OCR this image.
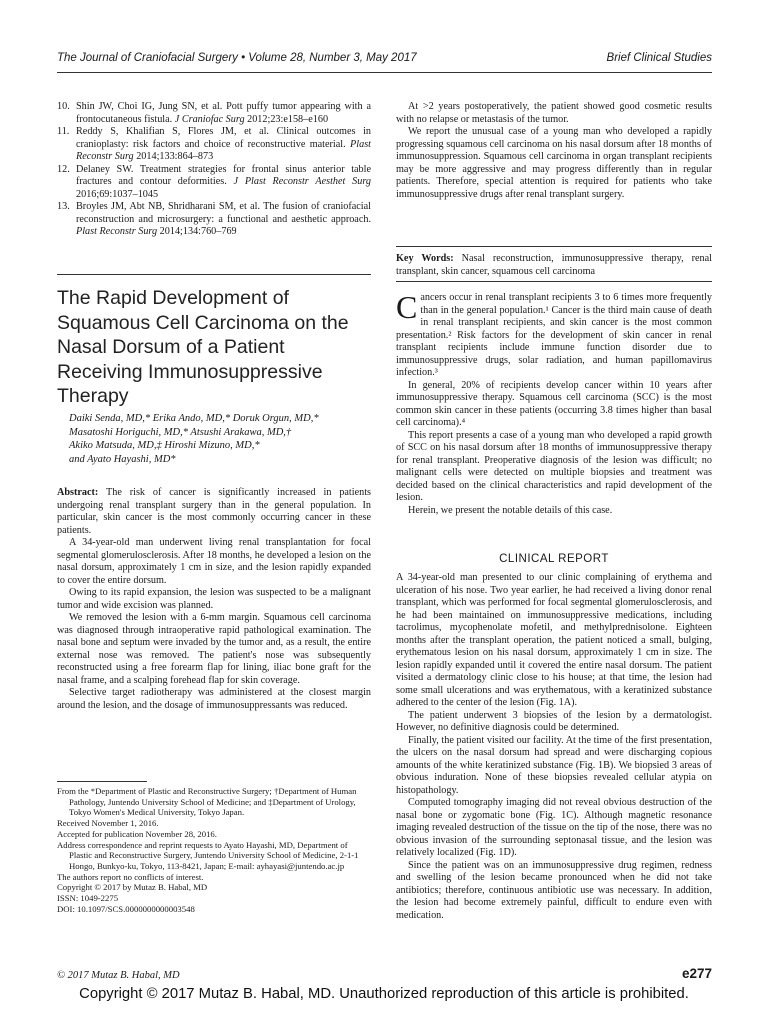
The Journal of Craniofacial Surgery • Volume 28, Number 3, May 2017	Brief Clinical Studies
10. Shin JW, Choi IG, Jung SN, et al. Pott puffy tumor appearing with a frontocutaneous fistula. J Craniofac Surg 2012;23:e158–e160
11. Reddy S, Khalifian S, Flores JM, et al. Clinical outcomes in cranioplasty: risk factors and choice of reconstructive material. Plast Reconstr Surg 2014;133:864–873
12. Delaney SW. Treatment strategies for frontal sinus anterior table fractures and contour deformities. J Plast Reconstr Aesthet Surg 2016;69:1037–1045
13. Broyles JM, Abt NB, Shridharani SM, et al. The fusion of craniofacial reconstruction and microsurgery: a functional and aesthetic approach. Plast Reconstr Surg 2014;134:760–769
The Rapid Development of Squamous Cell Carcinoma on the Nasal Dorsum of a Patient Receiving Immunosuppressive Therapy
Daiki Senda, MD,* Erika Ando, MD,* Doruk Orgun, MD,*
Masatoshi Horiguchi, MD,* Atsushi Arakawa, MD,†
Akiko Matsuda, MD,‡ Hiroshi Mizuno, MD,*
and Ayato Hayashi, MD*

Abstract: The risk of cancer is significantly increased in patients undergoing renal transplant surgery than in the general population. In particular, skin cancer is the most commonly occurring cancer in these patients.

A 34-year-old man underwent living renal transplantation for focal segmental glomerulosclerosis. After 18 months, he developed a lesion on the nasal dorsum, approximately 1 cm in size, and the lesion rapidly expanded to cover the entire dorsum.

Owing to its rapid expansion, the lesion was suspected to be a malignant tumor and wide excision was planned.

We removed the lesion with a 6-mm margin. Squamous cell carcinoma was diagnosed through intraoperative rapid pathological examination. The nasal bone and septum were invaded by the tumor and, as a result, the entire external nose was removed. The patient's nose was subsequently reconstructed using a free forearm flap for lining, iliac bone graft for the nasal frame, and a scalping forehead flap for skin coverage.

Selective target radiotherapy was administered at the closest margin around the lesion, and the dosage of immunosuppressants was reduced.

From the *Department of Plastic and Reconstructive Surgery; †Department of Human Pathology, Juntendo University School of Medicine; and ‡Department of Urology, Tokyo Women's Medical University, Tokyo Japan.
Received November 1, 2016.
Accepted for publication November 28, 2016.
Address correspondence and reprint requests to Ayato Hayashi, MD, Department of Plastic and Reconstructive Surgery, Juntendo University School of Medicine, 2-1-1 Hongo, Bunkyo-ku, Tokyo, 113-8421, Japan; E-mail: ayhayasi@juntendo.ac.jp
The authors report no conflicts of interest.
Copyright © 2017 by Mutaz B. Habal, MD
ISSN: 1049-2275
DOI: 10.1097/SCS.0000000000003548

At >2 years postoperatively, the patient showed good cosmetic results with no relapse or metastasis of the tumor.

We report the unusual case of a young man who developed a rapidly progressing squamous cell carcinoma on his nasal dorsum after 18 months of immunosuppression. Squamous cell carcinoma in organ transplant recipients may be more aggressive and may progress differently than in regular patients. Therefore, special attention is required for patients who take immunosuppressive drugs after renal transplant surgery.

Key Words: Nasal reconstruction, immunosuppressive therapy, renal transplant, skin cancer, squamous cell carcinoma

Cancers occur in renal transplant recipients 3 to 6 times more frequently than in the general population.¹ Cancer is the third main cause of death in renal transplant recipients, and skin cancer is the most common presentation.² Risk factors for the development of skin cancer in renal transplant recipients include immune function disorder due to immunosuppressive drugs, solar radiation, and human papillomavirus infection.³

In general, 20% of recipients develop cancer within 10 years after immunosuppressive therapy. Squamous cell carcinoma (SCC) is the most common skin cancer in these patients (occurring 3.8 times higher than basal cell carcinoma).⁴

This report presents a case of a young man who developed a rapid growth of SCC on his nasal dorsum after 18 months of immunosuppressive therapy for renal transplant. Preoperative diagnosis of the lesion was difficult; no malignant cells were detected on multiple biopsies and treatment was decided based on the clinical characteristics and rapid development of the lesion.

Herein, we present the notable details of this case.

CLINICAL REPORT

A 34-year-old man presented to our clinic complaining of erythema and ulceration of his nose. Two year earlier, he had received a living donor renal transplant, which was performed for focal segmental glomerulosclerosis, and he had been maintained on immunosuppressive medications, including tacrolimus, mycophenolate mofetil, and methylprednisolone. Eighteen months after the transplant operation, the patient noticed a small, bulging, erythematous lesion on his nasal dorsum, approximately 1 cm in size. The lesion rapidly expanded until it covered the entire nasal dorsum. The patient visited a dermatology clinic close to his house; at that time, the lesion had some small ulcerations and was erythematous, with a keratinized substance adhered to the center of the lesion (Fig. 1A).

The patient underwent 3 biopsies of the lesion by a dermatologist. However, no definitive diagnosis could be determined.

Finally, the patient visited our facility. At the time of the first presentation, the ulcers on the nasal dorsum had spread and were discharging copious amounts of the white keratinized substance (Fig. 1B). We biopsied 3 areas of obvious induration. None of these biopsies revealed cellular atypia on histopathology.

Computed tomography imaging did not reveal obvious destruction of the nasal bone or zygomatic bone (Fig. 1C). Although magnetic resonance imaging revealed destruction of the tissue on the tip of the nose, there was no obvious invasion of the surrounding septonasal tissue, and the lesion was relatively localized (Fig. 1D).

Since the patient was on an immunosuppressive drug regimen, redness and swelling of the lesion became pronounced when he did not take antibiotics; therefore, continuous antibiotic use was necessary. In addition, the lesion had become extremely painful, difficult to endure even with medication.

© 2017 Mutaz B. Habal, MD	e277
Copyright © 2017 Mutaz B. Habal, MD. Unauthorized reproduction of this article is prohibited.
